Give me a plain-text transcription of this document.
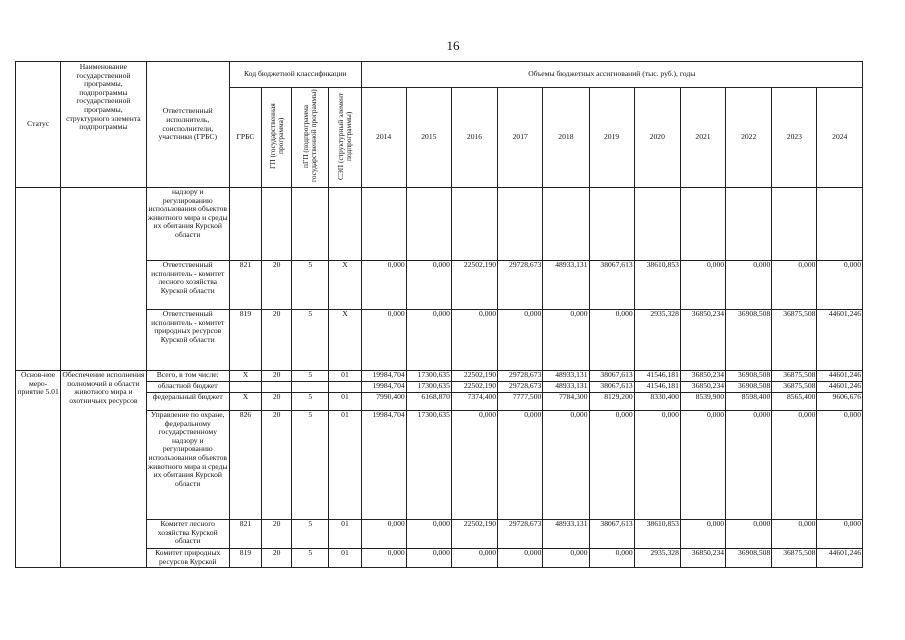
16
Статус	Наименование государственной программы, подпрограммы государственной программы, структурного элемента подпрограммы	Ответственный исполнитель, соисполнители, участники (ГРБС)	Код бюджетной классификации				Объемы бюджетных ассигнований (тыс. руб.), годы										
			ГРБС	ГП (государственная программа)	пГП (подпрограмма государственной программы)	СЭП (структурный элемент подпрограммы)	2014	2015	2016	2017	2018	2019	2020	2021	2022	2023	2024
		надзору и регулированию использования объектов животного мира и среды их обитания Курской области															
		Ответственный исполнитель - комитет лесного хозяйства Курской области	821	20	5	Х	0,000	0,000	22502,190	29728,673	48933,131	38067,613	38610,853	0,000	0,000	0,000	0,000
		Ответственный исполнитель - комитет природных ресурсов Курской области	819	20	5	Х	0,000	0,000	0,000	0,000	0,000	0,000	2935,328	36850,234	36908,508	36875,508	44601,246
Основ-ное меро-приятие 5.01	Обеспечение исполнения полномочий в области животного мира и охотничьих ресурсов	Всего, в том числе:	Х	20	5	01	19984,704	17300,635	22502,190	29728,673	48933,131	38067,613	41546,181	36850,234	36908,508	36875,508	44601,246
		областной бюджет					19984,704	17300,635	22502,190	29728,673	48933,131	38067,613	41546,181	36850,234	36908,508	36875,508	44601,246
		федеральный бюджет	Х	20	5	01	7990,400	6168,870	7374,400	7777,500	7784,300	8129,200	8330,400	8539,900	8598,400	8565,400	9606,676
		Управление по охране, федеральному государственному надзору и регулированию использования объектов животного мира и среды их обитания Курской области	826	20	5	01	19984,704	17300,635	0,000	0,000	0,000	0,000	0,000	0,000	0,000	0,000	0,000
		Комитет лесного хозяйства Курской области	821	20	5	01	0,000	0,000	22502,190	29728,673	48933,131	38067,613	38610,853	0,000	0,000	0,000	0,000
		Комитет природных ресурсов Курской	819	20	5	01	0,000	0,000	0,000	0,000	0,000	0,000	2935,328	36850,234	36908,508	36875,508	44601,246
